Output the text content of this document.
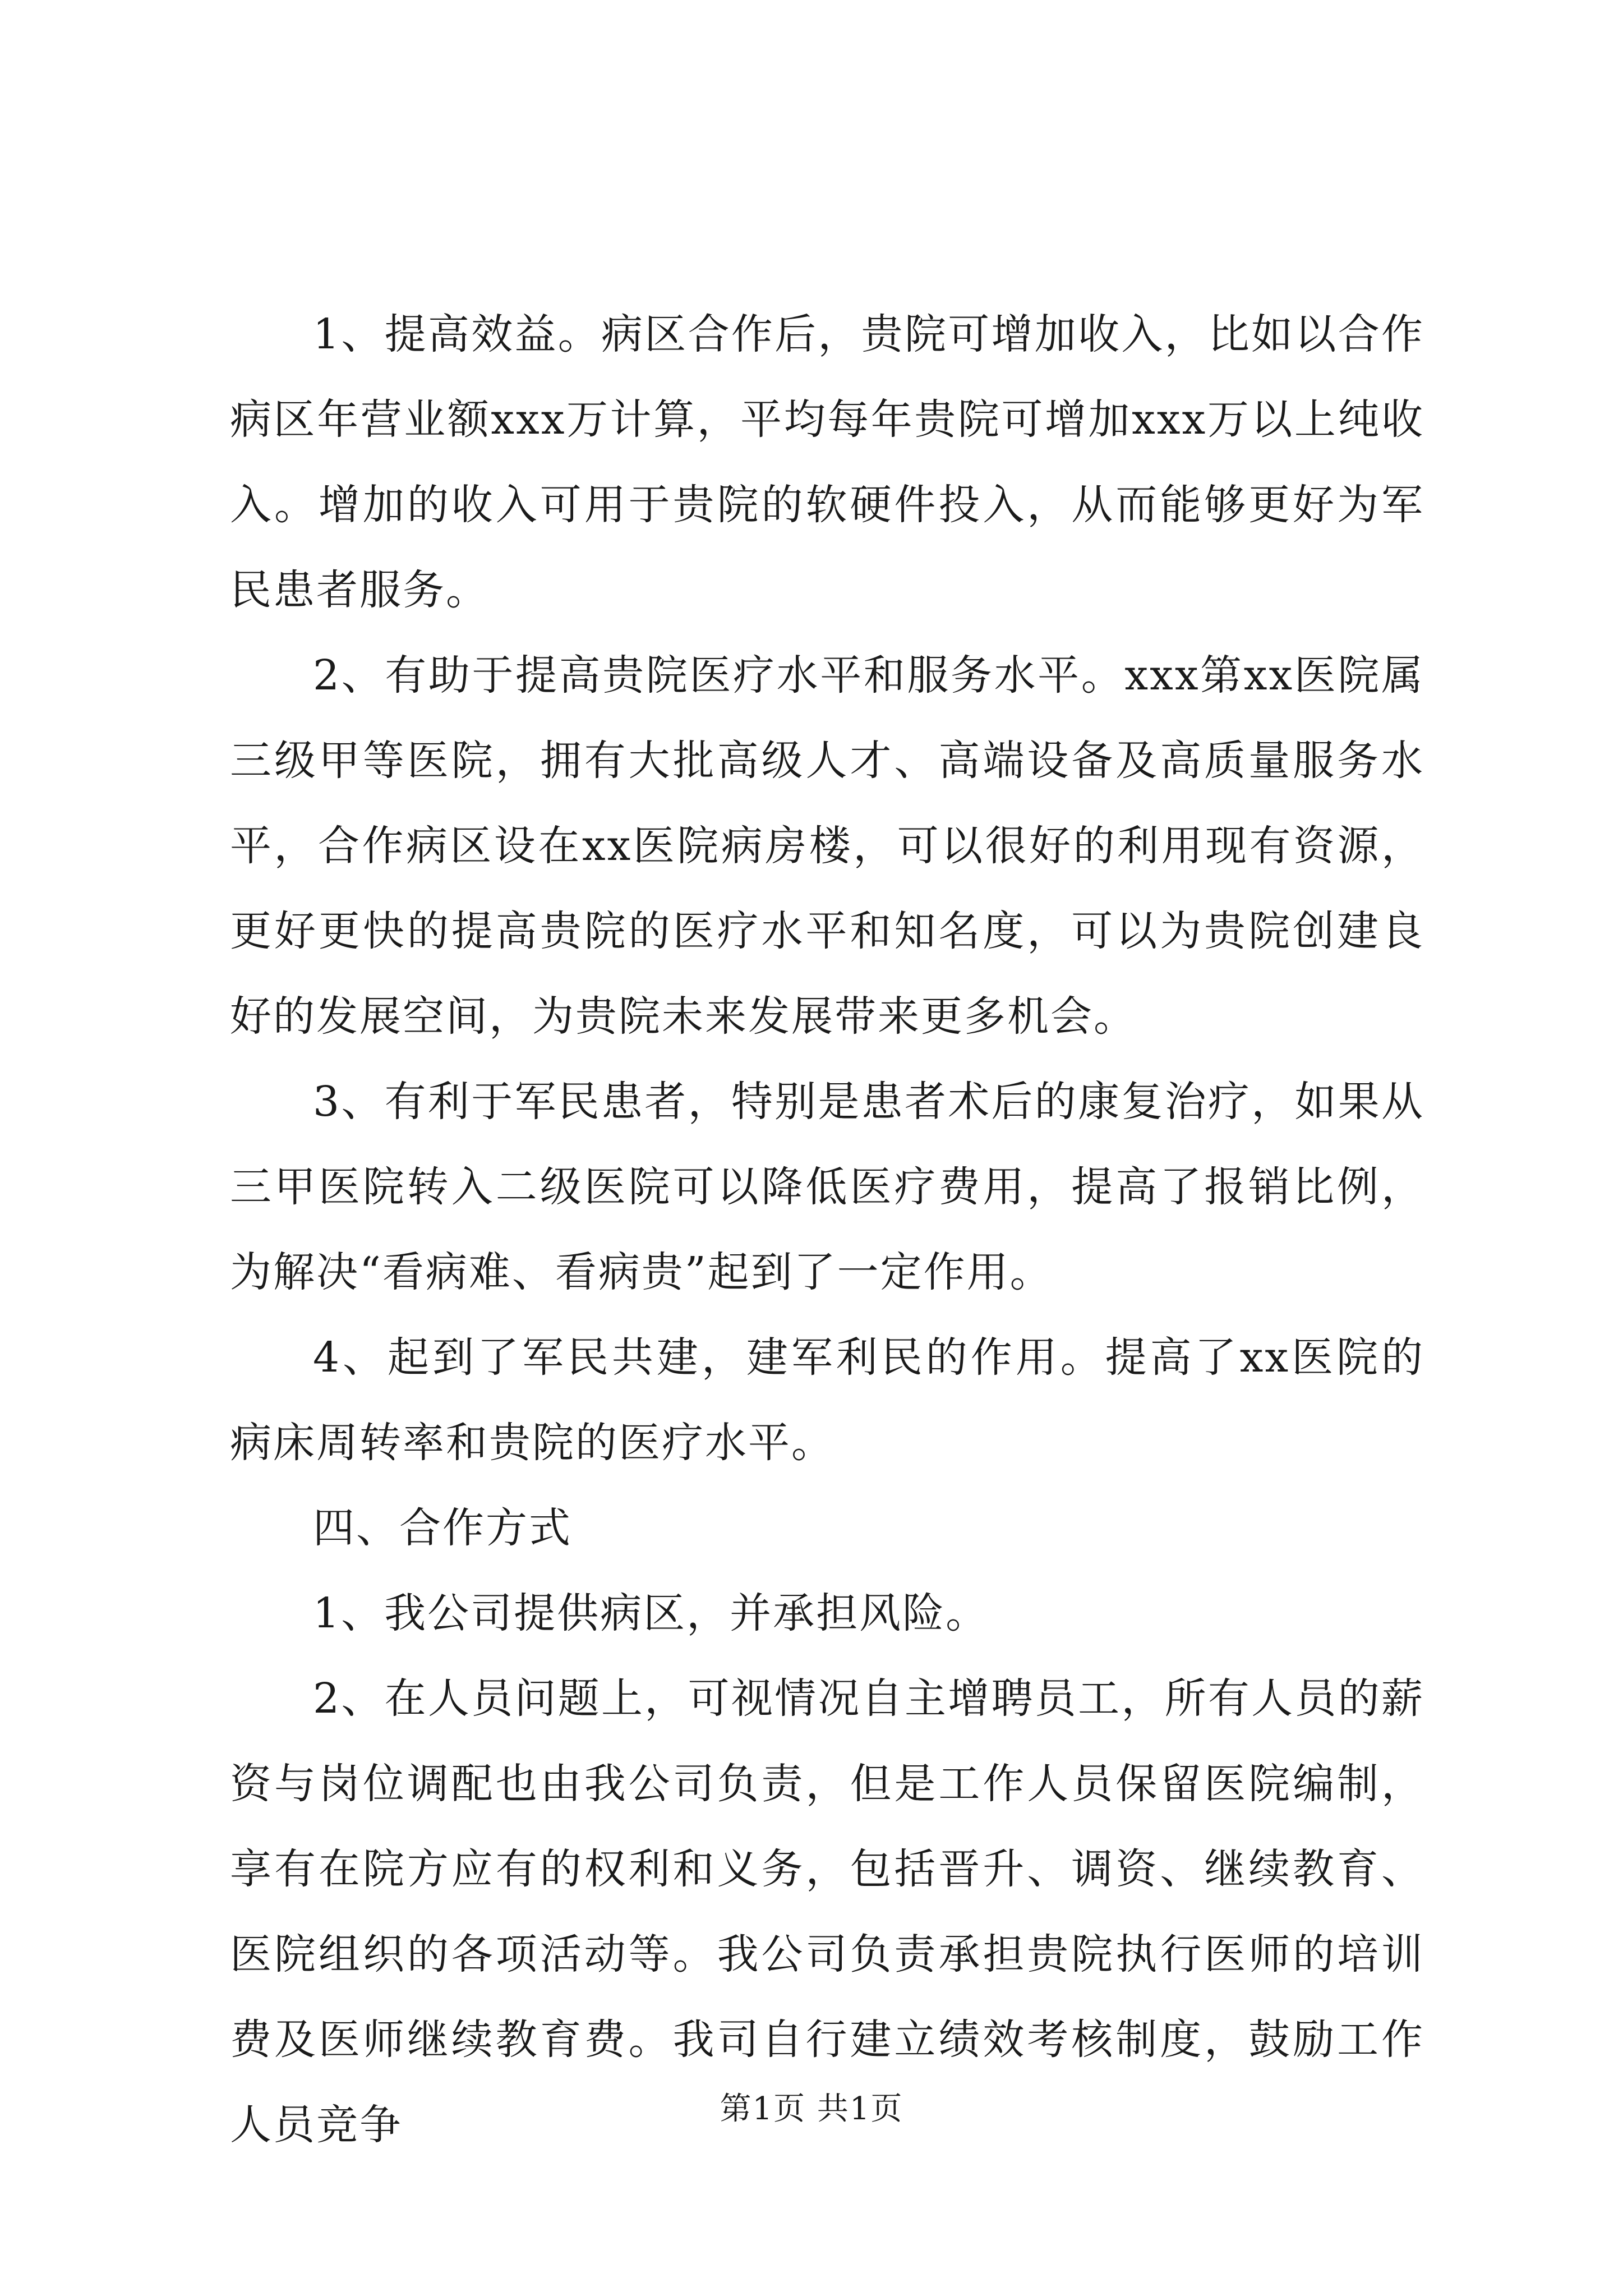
1、提高效益。病区合作后，贵院可增加收入，比如以合作病区年营业额xxx万计算，平均每年贵院可增加xxx万以上纯收入。增加的收入可用于贵院的软硬件投入，从而能够更好为军民患者服务。

2、有助于提高贵院医疗水平和服务水平。xxx第xx医院属三级甲等医院，拥有大批高级人才、高端设备及高质量服务水平，合作病区设在xx医院病房楼，可以很好的利用现有资源，更好更快的提高贵院的医疗水平和知名度，可以为贵院创建良好的发展空间，为贵院未来发展带来更多机会。

3、有利于军民患者，特别是患者术后的康复治疗，如果从三甲医院转入二级医院可以降低医疗费用，提高了报销比例，为解决“看病难、看病贵”起到了一定作用。

4、起到了军民共建，建军利民的作用。提高了xx医院的病床周转率和贵院的医疗水平。

四、合作方式

1、我公司提供病区，并承担风险。

2、在人员问题上，可视情况自主增聘员工，所有人员的薪资与岗位调配也由我公司负责，但是工作人员保留医院编制，享有在院方应有的权利和义务，包括晋升、调资、继续教育、医院组织的各项活动等。我公司负责承担贵院执行医师的培训费及医师继续教育费。我司自行建立绩效考核制度，鼓励工作人员竞争	第1页 共1页
